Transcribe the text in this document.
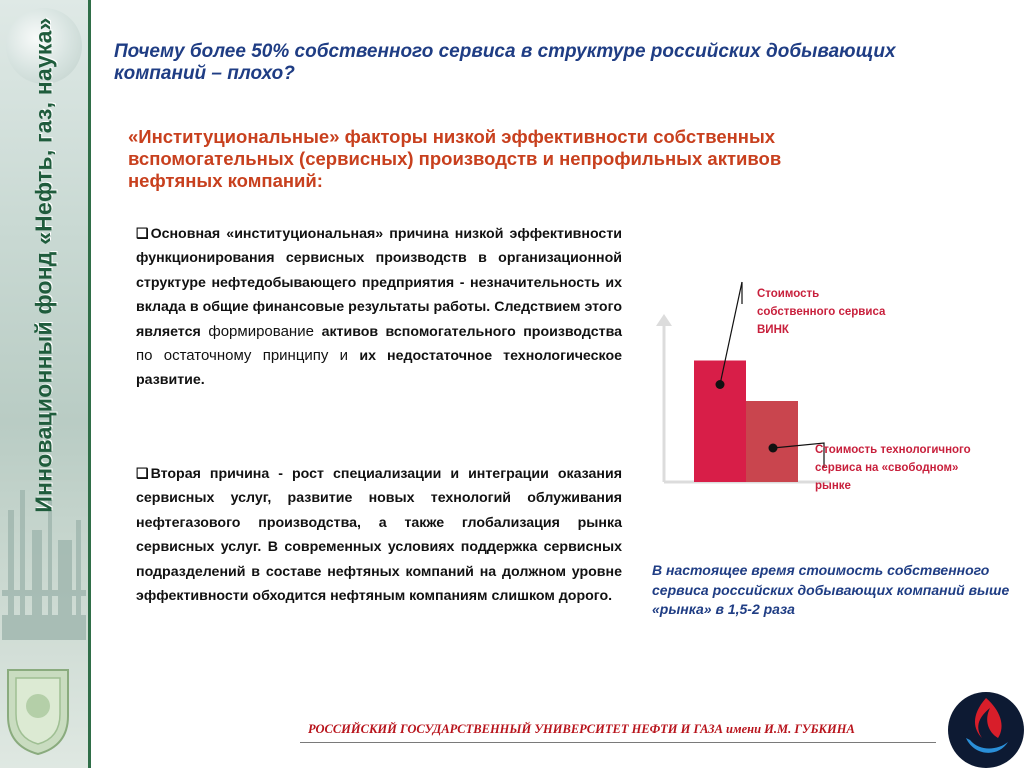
Инновационный фонд «Нефть, газ, наука»	Почему более 50% собственного сервиса в структуре российских добывающих компаний – плохо?
«Институциональные» факторы низкой эффективности собственных вспомогательных (сервисных) производств и непрофильных активов нефтяных компаний:

❑ Основная «институциональная» причина низкой эффективности функционирования сервисных производств в организационной структуре нефтедобывающего предприятия - незначительность их вклада в общие финансовые результаты работы. Следствием этого является формирование активов вспомогательного производства по остаточному принципу и их недостаточное технологическое развитие.

❑ Вторая причина - рост специализации и интеграции оказания сервисных услуг, развитие новых технологий облуживания нефтегазового производства, а также глобализация рынка сервисных услуг. В современных условиях поддержка сервисных подразделений в составе нефтяных компаний на должном уровне эффективности обходится нефтяным компаниям слишком дорого.

Стоимость собственного сервиса ВИНК
Стоимость технологичного сервиса на «свободном» рынке

В настоящее время стоимость собственного сервиса российских добывающих компаний выше «рынка» в 1,5-2 раза

РОССИЙСКИЙ ГОСУДАРСТВЕННЫЙ УНИВЕРСИТЕТ НЕФТИ И ГАЗА имени И.М. ГУБКИНА
